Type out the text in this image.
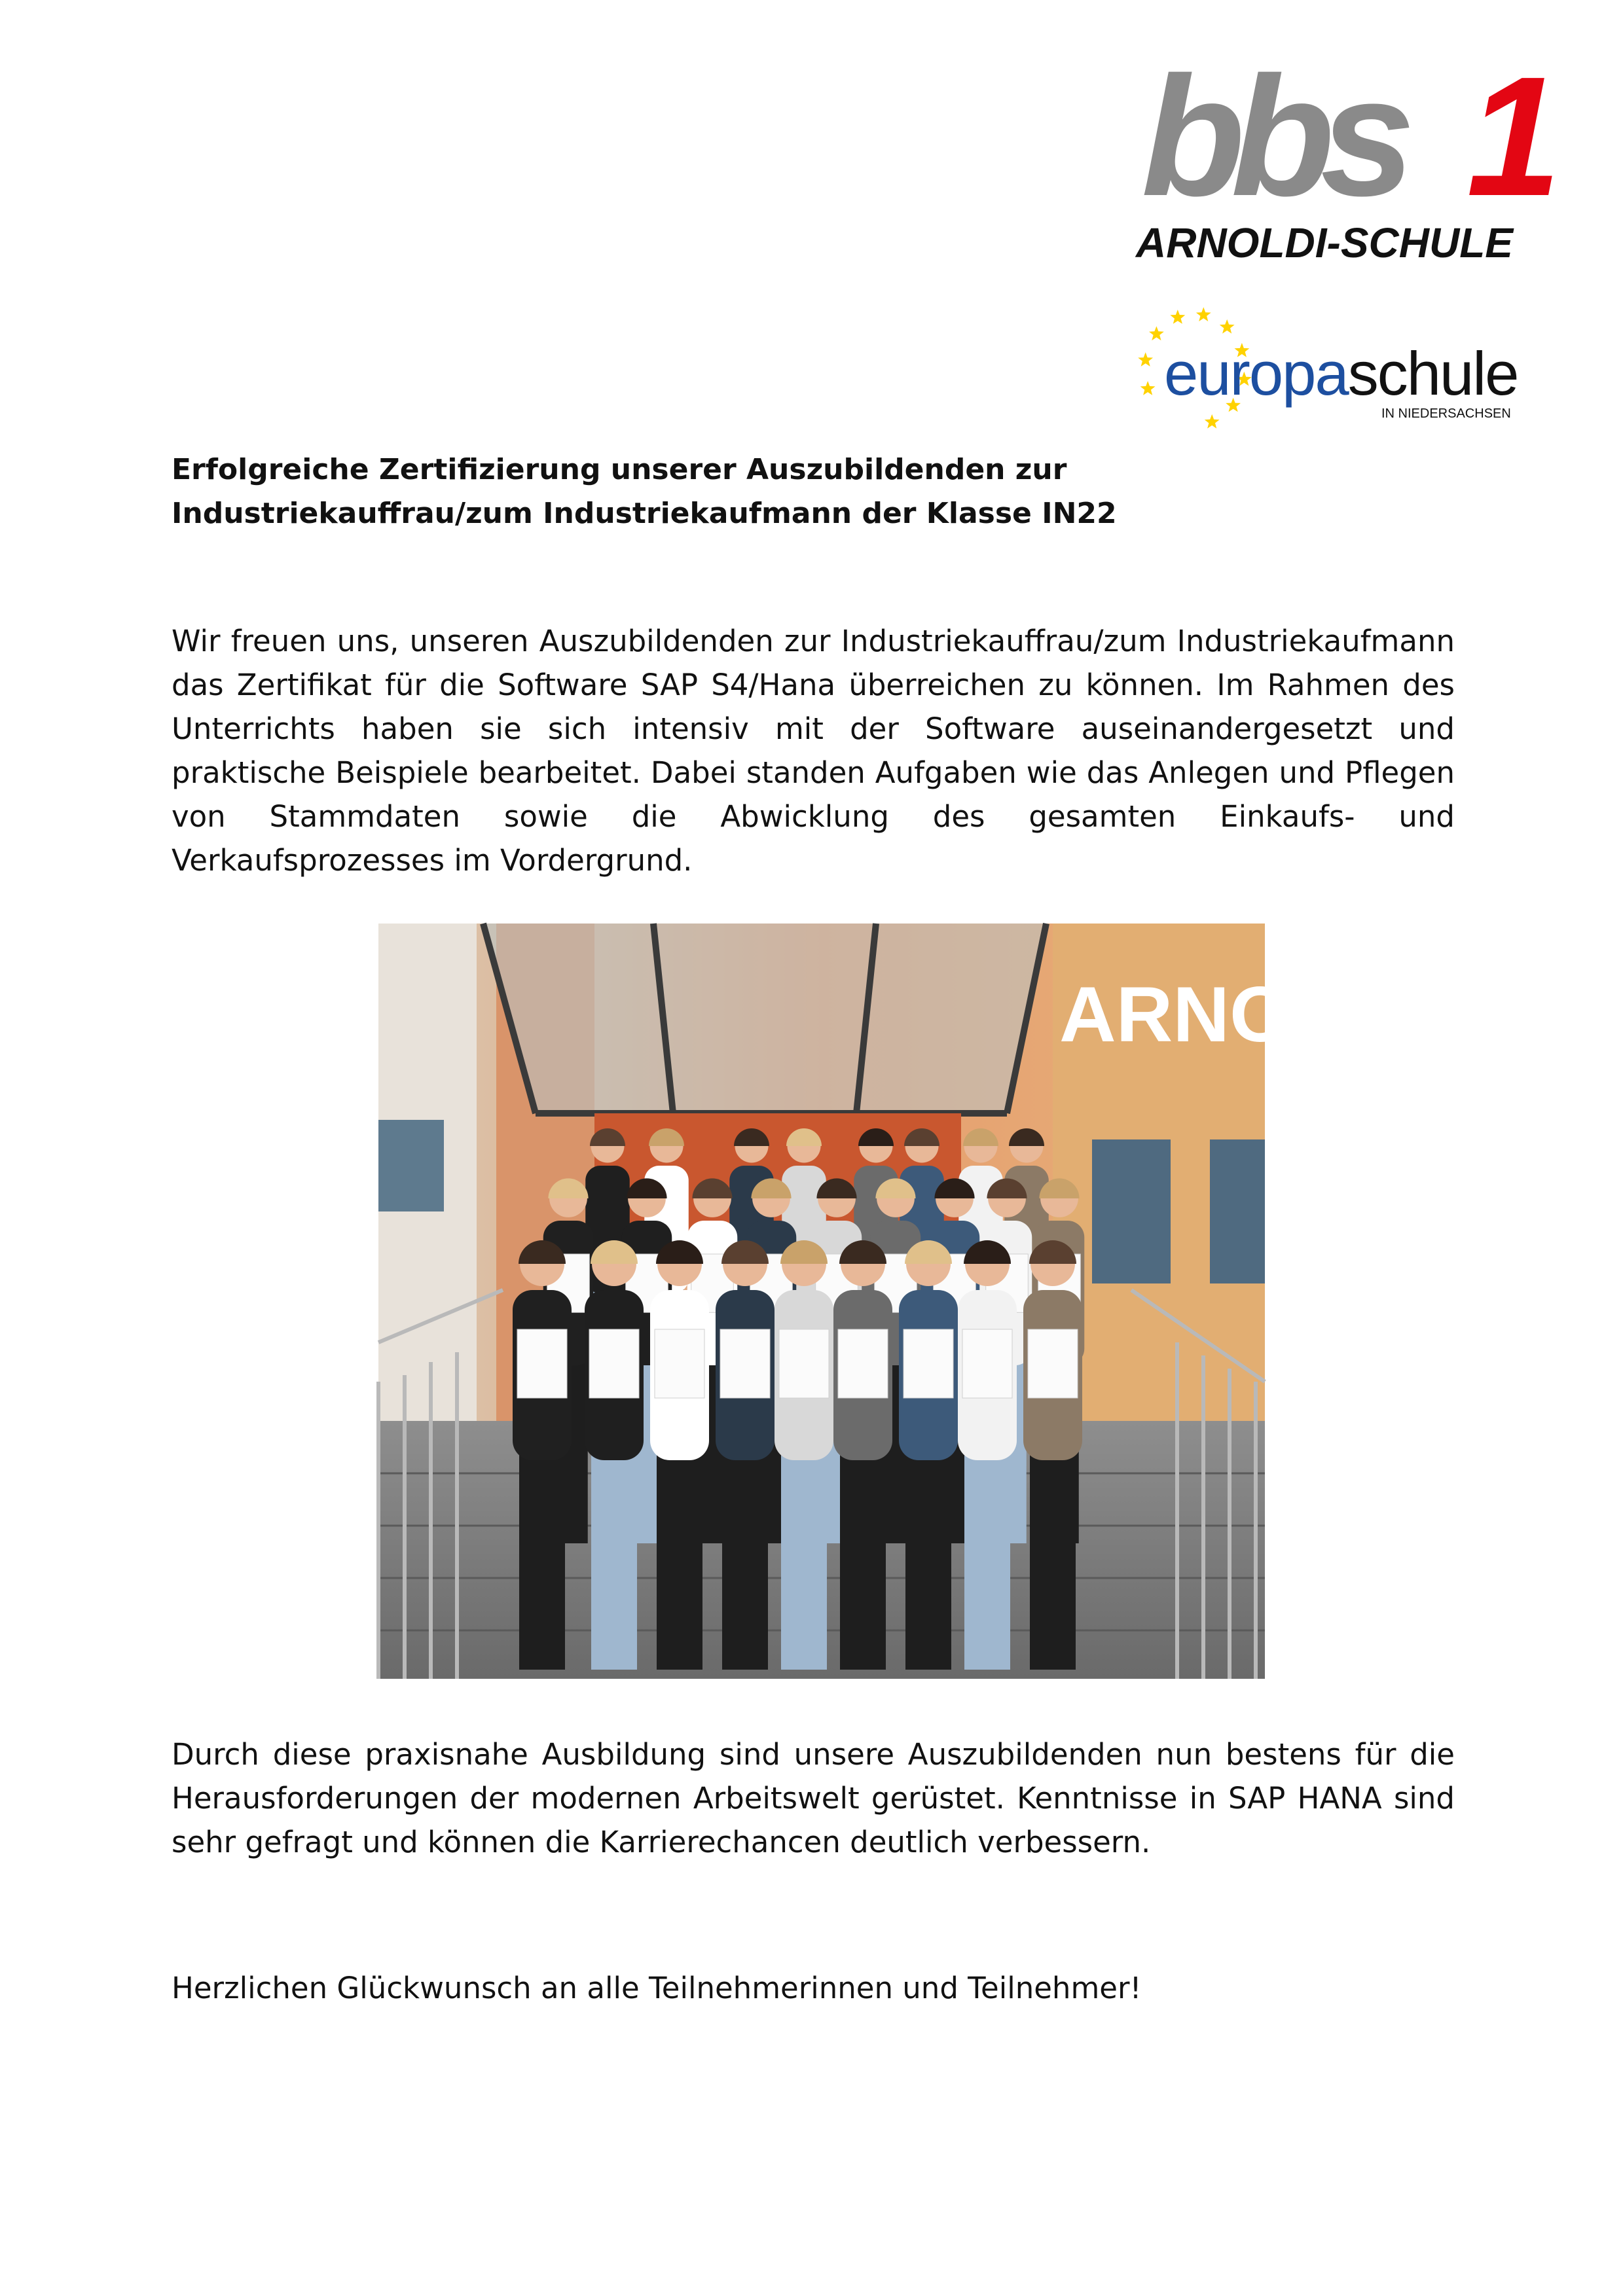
bbs 1
ARNOLDI-SCHULE
europaschule
IN NIEDERSACHSEN
Erfolgreiche Zertifizierung unserer Auszubildenden zur
Industriekauffrau/zum Industriekaufmann der Klasse IN22

Wir freuen uns, unseren Auszubildenden zur Industriekauffrau/zum Industriekaufmann das Zertifikat für die Software SAP S4/Hana überreichen zu können. Im Rahmen des Unterrichts haben sie sich intensiv mit der Software auseinandergesetzt und praktische Beispiele bearbeitet. Dabei standen Aufgaben wie das Anlegen und Pflegen von Stammdaten sowie die Abwicklung des gesamten Einkaufs- und Verkaufsprozesses im Vordergrund.

ARNO

Durch diese praxisnahe Ausbildung sind unsere Auszubildenden nun bestens für die Herausforderungen der modernen Arbeitswelt gerüstet. Kenntnisse in SAP HANA sind sehr gefragt und können die Karrierechancen deutlich verbessern.

Herzlichen Glückwunsch an alle Teilnehmerinnen und Teilnehmer!
